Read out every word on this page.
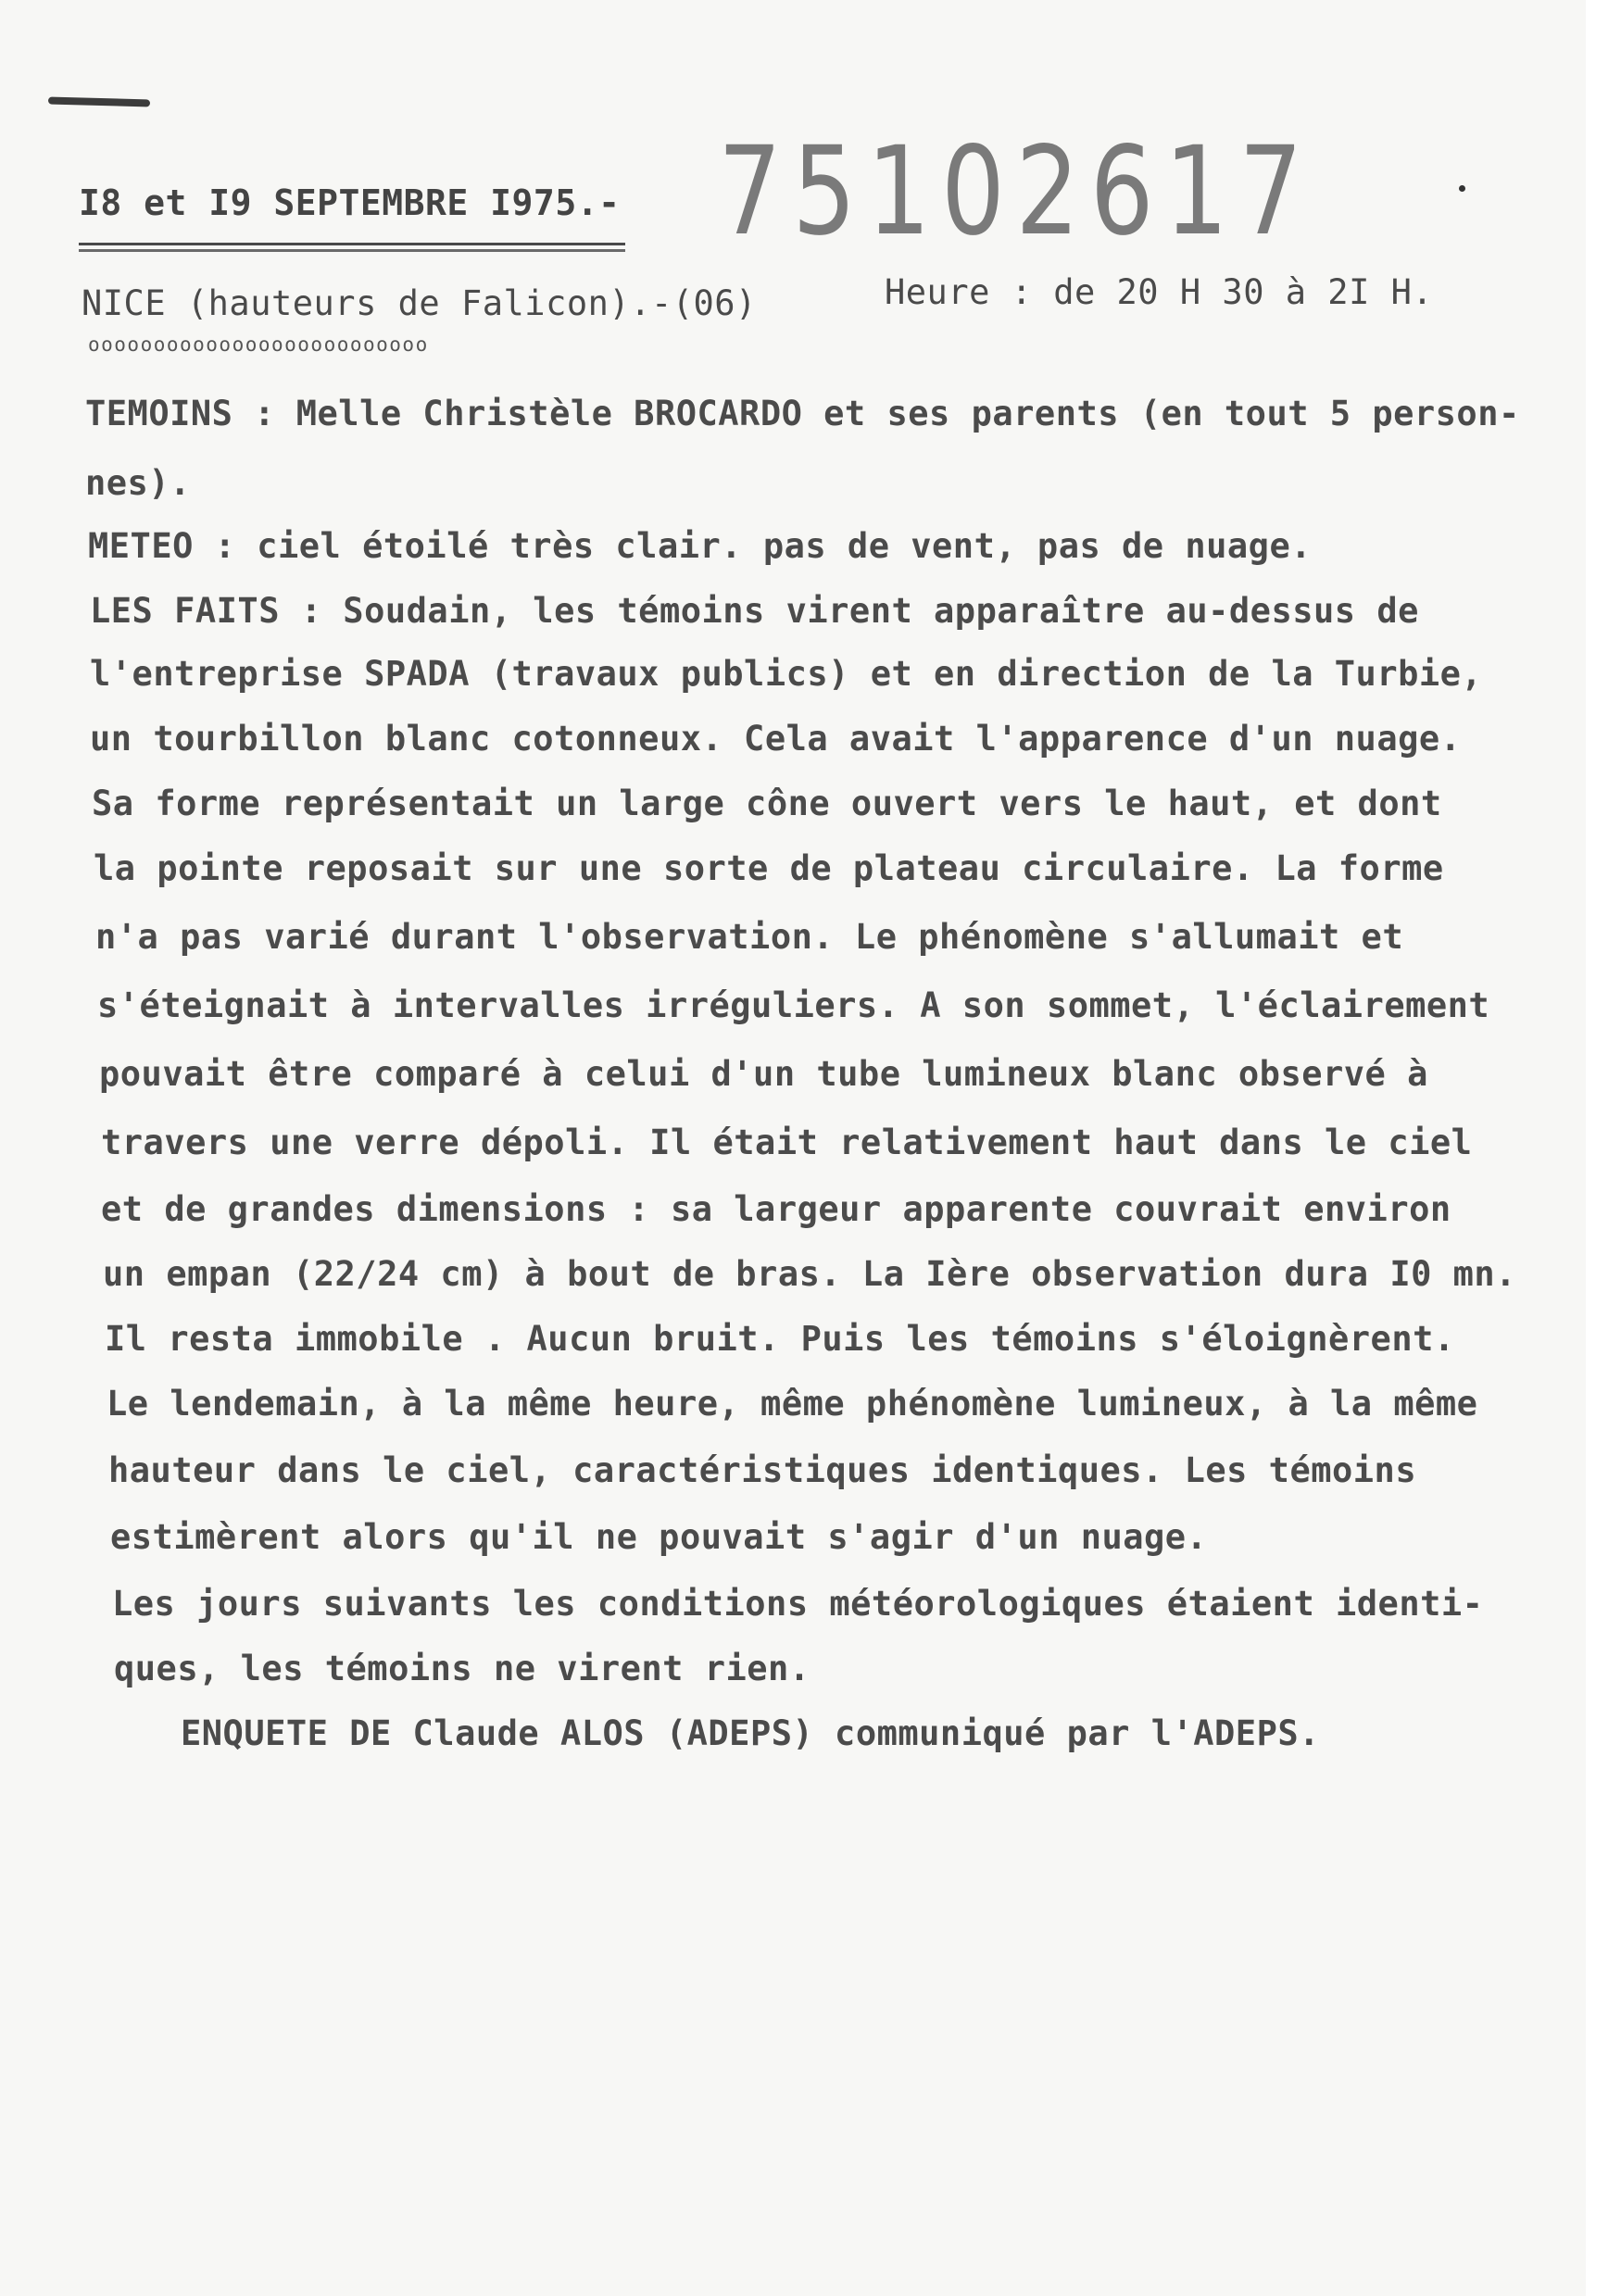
75102617
I8 et I9 SEPTEMBRE I975.-
NICE (hauteurs de Falicon).-(06)	Heure : de 20 H 30 à 2I H.
oooooooooooooooooooooooooo
TEMOINS : Melle Christèle BROCARDO et ses parents (en tout 5 person-
nes).
METEO : ciel étoilé très clair. pas de vent, pas de nuage.
LES FAITS : Soudain, les témoins virent apparaître au-dessus de
l'entreprise SPADA (travaux publics) et en direction de la Turbie,
un tourbillon blanc cotonneux. Cela avait l'apparence d'un nuage.
Sa forme représentait un large cône ouvert vers le haut, et dont
la pointe reposait sur une sorte de plateau circulaire. La forme
n'a pas varié durant l'observation. Le phénomène s'allumait et
s'éteignait à intervalles irréguliers. A son sommet, l'éclairement
pouvait être comparé à celui d'un tube lumineux blanc observé à
travers une verre dépoli. Il était relativement haut dans le ciel
et de grandes dimensions : sa largeur apparente couvrait environ
un empan (22/24 cm) à bout de bras. La Ière observation dura I0 mn.
Il resta immobile . Aucun bruit. Puis les témoins s'éloignèrent.
Le lendemain, à la même heure, même phénomène lumineux, à la même
hauteur dans le ciel, caractéristiques identiques. Les témoins
estimèrent alors qu'il ne pouvait s'agir d'un nuage.
Les jours suivants les conditions météorologiques étaient identi-
ques, les témoins ne virent rien.
ENQUETE DE Claude ALOS (ADEPS) communiqué par l'ADEPS.
